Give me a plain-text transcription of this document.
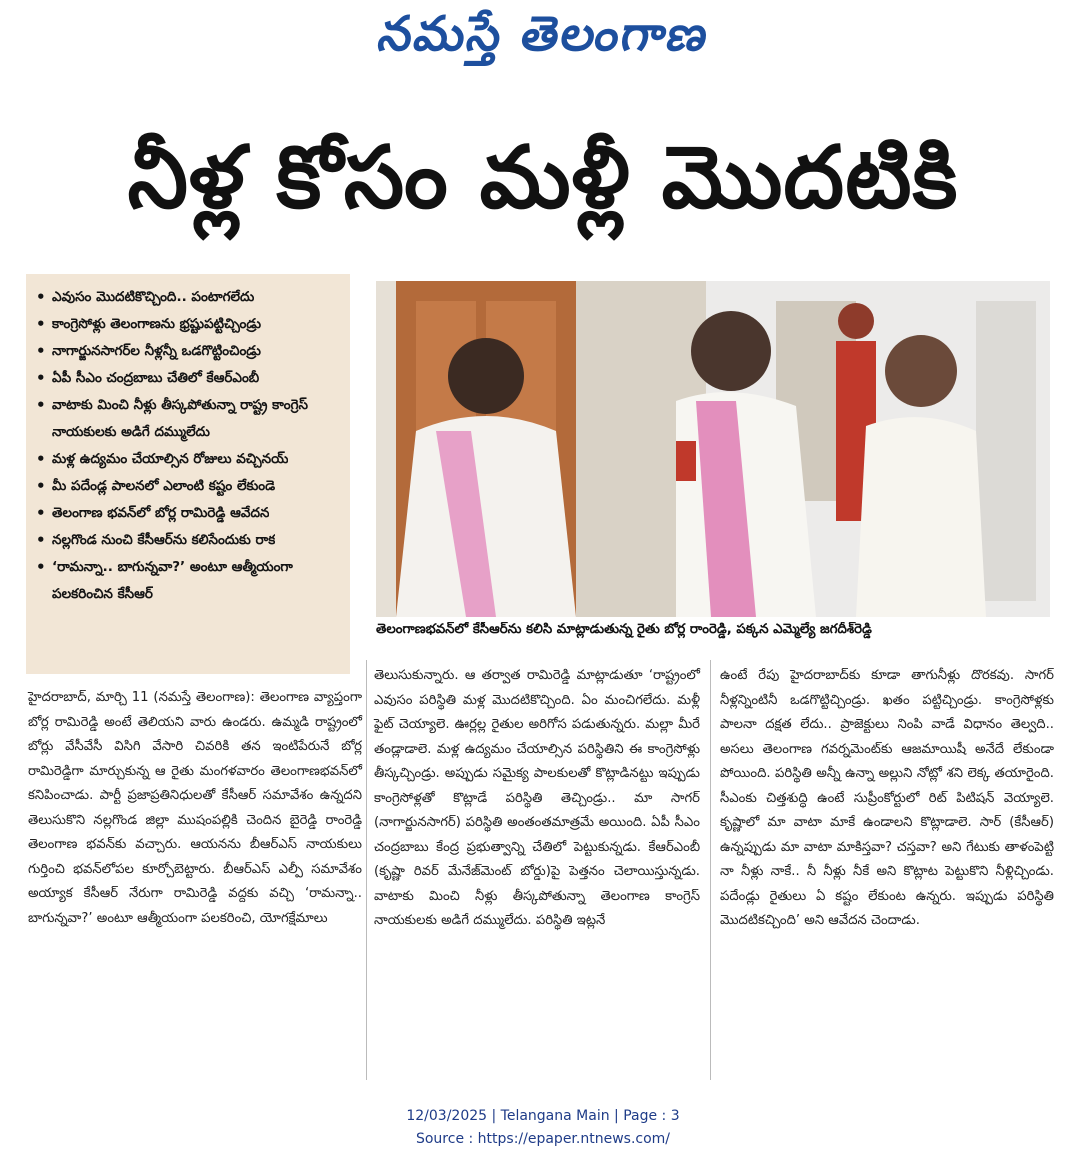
నమస్తే తెలంగాణ
నీళ్ల కోసం మళ్లీ మొదటికి
• ఎవుసం మొదటికొచ్చింది.. పంటాగలేదు
• కాంగ్రెసోళ్లు తెలంగాణను భ్రష్టుపట్టిచ్చిండ్రు
• నాగార్జునసాగర్‌ల నీళ్లన్నీ ఒడగొట్టించిండ్రు
• ఏపీ సీఎం చంద్రబాబు చేతిలో కేఆర్‌ఎంబీ
• వాటాకు మించి నీళ్లు తీస్కపోతున్నా రాష్ట్ర కాంగ్రెస్ నాయకులకు అడిగే దమ్ములేదు
• మళ్ల ఉద్యమం చేయాల్సిన రోజులు వచ్చినయ్
• మీ పదేండ్ల పాలనలో ఎలాంటి కష్టం లేకుండె
• తెలంగాణ భవన్‌లో బోర్ల రామిరెడ్డి ఆవేదన
• నల్లగొండ నుంచి కేసీఆర్‌ను కలిసేందుకు రాక
• ‘రామన్నా.. బాగున్నవా?’ అంటూ ఆత్మీయంగా పలకరించిన కేసీఆర్
తెలంగాణభవన్‌లో కేసీఆర్‌ను కలిసి మాట్లాడుతున్న రైతు బోర్ల రాంరెడ్డి, పక్కన ఎమ్మెల్యే జగదీశ్‌రెడ్డి

హైదరాబాద్, మార్చి 11 (నమస్తే తెలంగాణ): తెలంగాణ వ్యాప్తంగా బోర్ల రామిరెడ్డి అంటే తెలియని వారు ఉండరు. ఉమ్మడి రాష్ట్రంలో బోర్లు వేసీవేసీ విసిగి వేసారి చివరికి తన ఇంటిపేరునే బోర్ల రామిరెడ్డిగా మార్చుకున్న ఆ రైతు మంగళవారం తెలంగాణభవన్‌లో కనిపించాడు. పార్టీ ప్రజాప్రతినిధులతో కేసీఆర్ సమావేశం ఉన్నదని తెలుసుకొని నల్లగొండ జిల్లా ముషంపల్లికి చెందిన బైరెడ్డి రాంరెడ్డి తెలంగాణ భవన్‌కు వచ్చారు. ఆయనను బీఆర్‌ఎస్ నాయకులు గుర్తించి భవన్‌లోపల కూర్చోబెట్టారు. బీఆర్‌ఎస్ ఎల్పీ సమావేశం అయ్యాక కేసీఆర్ నేరుగా రామిరెడ్డి వద్దకు వచ్చి ‘రామన్నా.. బాగున్నవా?’ అంటూ ఆత్మీయంగా పలకరించి, యోగక్షేమాలు

తెలుసుకున్నారు. ఆ తర్వాత రామిరెడ్డి మాట్లాడుతూ ‘రాష్ట్రంలో ఎవుసం పరిస్థితి మళ్ల మొదటికొచ్చింది. ఏం మంచిగలేదు. మళ్లీ ఫైట్ చెయ్యాలె. ఊర్లల్ల రైతుల అరిగోస పడుతున్నరు. మల్లా మీరే తండ్లాడాలె. మళ్ల ఉద్యమం చేయాల్సిన పరిస్థితిని ఈ కాంగ్రెసోళ్లు తీస్కచ్చిండ్రు. అప్పుడు సమైక్య పాలకులతో కొట్లాడినట్టు ఇప్పుడు కాంగ్రెసోళ్లతో కొట్లాడే పరిస్థితి తెచ్చిండ్రు.. మా సాగర్ (నాగార్జునసాగర్) పరిస్థితి అంతంతమాత్రమే అయింది. ఏపీ సీఎం చంద్రబాబు కేంద్ర ప్రభుత్వాన్ని చేతిలో పెట్టుకున్నడు. కేఆర్‌ఎంబీ (కృష్ణా రివర్ మేనేజ్‌మెంట్ బోర్డు)పై పెత్తనం చెలాయిస్తున్నడు. వాటాకు మించి నీళ్లు తీస్కపోతున్నా తెలంగాణ కాంగ్రెస్ నాయకులకు అడిగే దమ్ములేదు. పరిస్థితి ఇట్లనే

ఉంటే రేపు హైదరాబాద్‌కు కూడా తాగునీళ్లు దొరకవు. సాగర్ నీళ్లన్నింటినీ ఒడగొట్టిచ్చిండ్రు. ఖతం పట్టిచ్చిండ్రు. కాంగ్రెసోళ్లకు పాలనా దక్షత లేదు.. ప్రాజెక్టులు నింపి వాడే విధానం తెల్వది.. అసలు తెలంగాణ గవర్నమెంట్‌కు ఆజమాయిషీ అనేదే లేకుండా పోయింది. పరిస్థితి అన్నీ ఉన్నా అల్లుని నోట్లో శని లెక్క తయారైంది. సీఎంకు చిత్తశుద్ధి ఉంటే సుప్రీంకోర్టులో రిట్ పిటిషన్ వెయ్యాలె. కృష్ణాలో మా వాటా మాకే ఉండాలని కొట్లాడాలె. సార్ (కేసీఆర్) ఉన్నప్పుడు మా వాటా మాకిస్తవా? చస్తవా? అని గేటుకు తాళంపెట్టి నా నీళ్లు నాకే.. నీ నీళ్లు నీకే అని కొట్లాట పెట్టుకొని నీళ్లిచ్చిండు. పదేండ్లు రైతులు ఏ కష్టం లేకుంట ఉన్నరు. ఇప్పుడు పరిస్థితి మొదటికచ్చింది’ అని ఆవేదన చెందాడు.

12/03/2025 | Telangana Main | Page : 3
Source : https://epaper.ntnews.com/
